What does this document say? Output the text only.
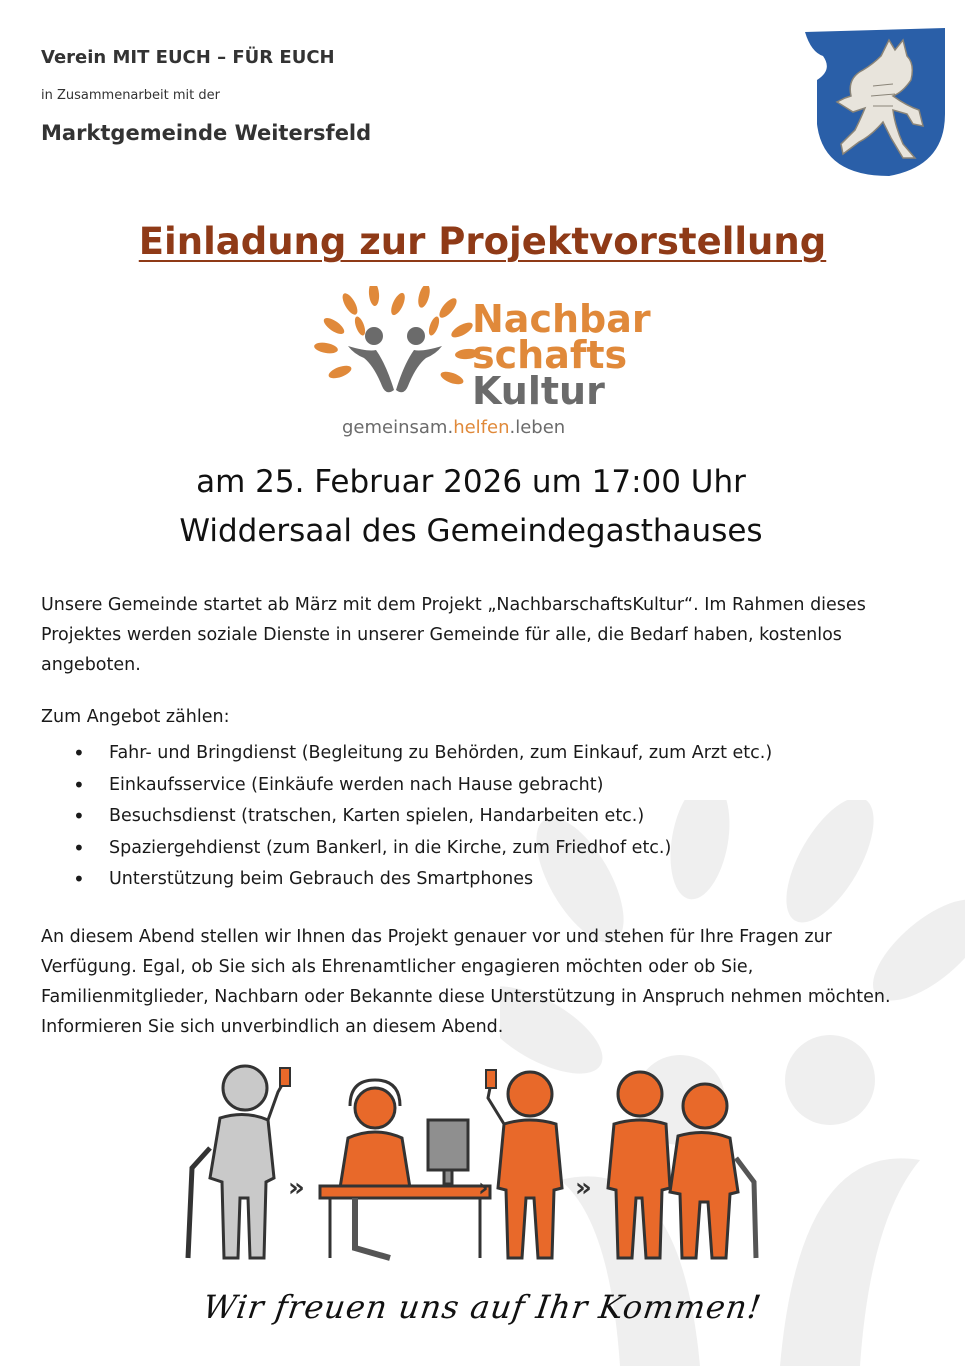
Verein MIT EUCH – FÜR EUCH
in Zusammenarbeit mit der
Marktgemeinde Weitersfeld
Einladung zur Projektvorstellung
Nachbar
schafts
Kultur
gemeinsam.helfen.leben
am 25. Februar 2026 um 17:00 Uhr
Widdersaal des Gemeindegasthauses

Unsere Gemeinde startet ab März mit dem Projekt „NachbarschaftsKultur“. Im Rahmen dieses Projektes werden soziale Dienste in unserer Gemeinde für alle, die Bedarf haben, kostenlos angeboten.

Zum Angebot zählen:
•	Fahr- und Bringdienst (Begleitung zu Behörden, zum Einkauf, zum Arzt etc.)
•	Einkaufsservice (Einkäufe werden nach Hause gebracht)
•	Besuchsdienst (tratschen, Karten spielen, Handarbeiten etc.)
•	Spaziergehdienst (zum Bankerl, in die Kirche, zum Friedhof etc.)
•	Unterstützung beim Gebrauch des Smartphones

An diesem Abend stellen wir Ihnen das Projekt genauer vor und stehen für Ihre Fragen zur Verfügung. Egal, ob Sie sich als Ehrenamtlicher engagieren möchten oder ob Sie, Familienmitglieder, Nachbarn oder Bekannte diese Unterstützung in Anspruch nehmen möchten. Informieren Sie sich unverbindlich an diesem Abend.

»	›	»
Wir freuen uns auf Ihr Kommen!
